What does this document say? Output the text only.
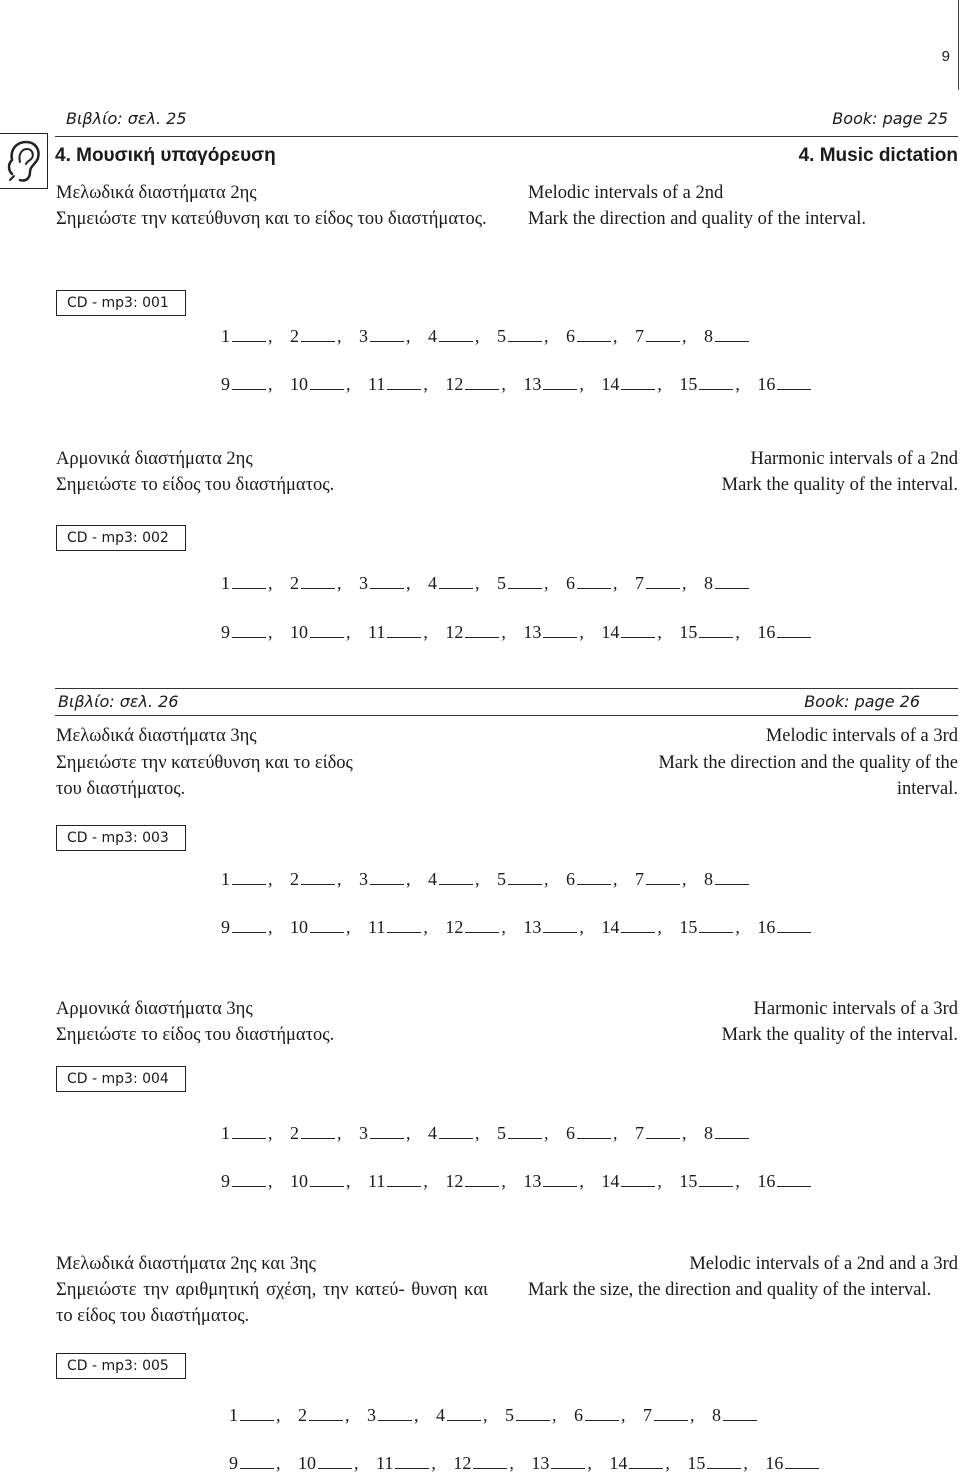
9
Βιβλίο: σελ. 25	Book: page 25
4. Μουσική υπαγόρευση	4. Music dictation
Μελωδικά διαστήματα 2ης
Σημειώστε την κατεύθυνση και το είδος του διαστήματος.
Melodic intervals of a 2nd
Mark the direction and quality of the interval.
CD - mp3: 001
1 , 2 , 3 , 4 , 5 , 6 , 7 , 8
9 , 10 , 11 , 12 , 13 , 14 , 15 , 16
Αρμονικά διαστήματα 2ης
Σημειώστε το είδος του διαστήματος.
Harmonic intervals of a 2nd
Mark the quality of the interval.
CD - mp3: 002
1 , 2 , 3 , 4 , 5 , 6 , 7 , 8
9 , 10 , 11 , 12 , 13 , 14 , 15 , 16
Βιβλίο: σελ. 26	Book: page 26
Μελωδικά διαστήματα 3ης
Σημειώστε την κατεύθυνση και το είδος
του διαστήματος.
Melodic intervals of a 3rd
Mark the direction and the quality of the
interval.
CD - mp3: 003
1 , 2 , 3 , 4 , 5 , 6 , 7 , 8
9 , 10 , 11 , 12 , 13 , 14 , 15 , 16
Αρμονικά διαστήματα 3ης
Σημειώστε το είδος του διαστήματος.
Harmonic intervals of a 3rd
Mark the quality of the interval.
CD - mp3: 004
1 , 2 , 3 , 4 , 5 , 6 , 7 , 8
9 , 10 , 11 , 12 , 13 , 14 , 15 , 16
Μελωδικά διαστήματα 2ης και 3ης
Σημειώστε την αριθμητική σχέση, την κατεύ- θυνση και το είδος του διαστήματος.
Melodic intervals of a 2nd and a 3rd
Mark the size, the direction and quality of the interval.
CD - mp3: 005
1 , 2 , 3 , 4 , 5 , 6 , 7 , 8
9 , 10 , 11 , 12 , 13 , 14 , 15 , 16
